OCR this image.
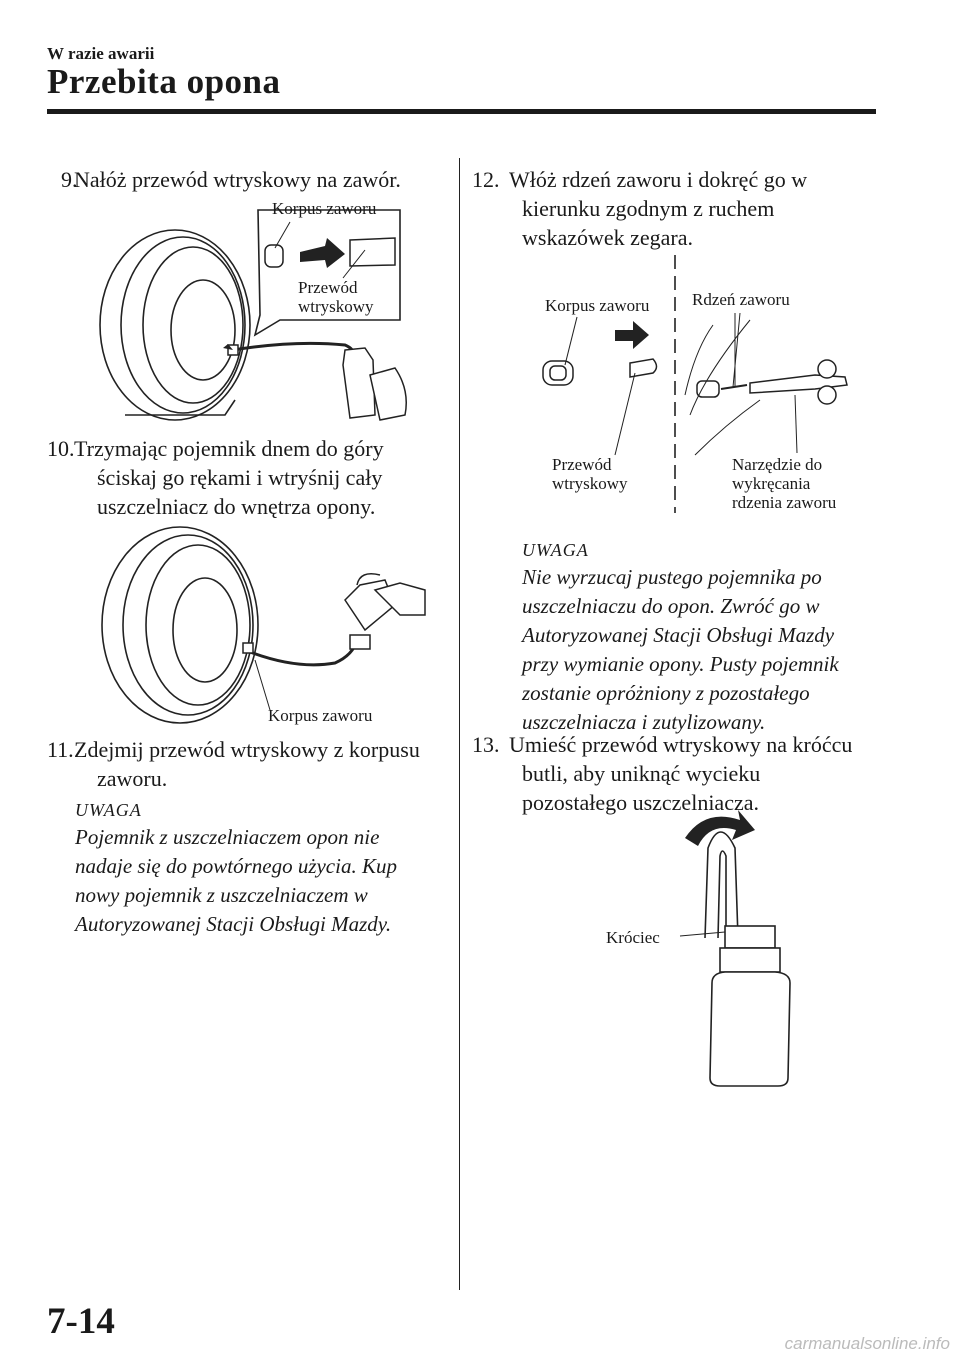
W razie awarii
Przebita opona
9.
Nałóż przewód wtryskowy na zawór.
Korpus zaworu
Przewód
wtryskowy
10. Trzymając pojemnik dnem do góry
ściskaj go rękami i wtryśnij cały
uszczelniacz do wnętrza opony.
Korpus zaworu
11. Zdejmij przewód wtryskowy z korpusu
zaworu.
UWAGA
Pojemnik z uszczelniaczem opon nie
nadaje się do powtórnego użycia. Kup
nowy pojemnik z uszczelniaczem w
Autoryzowanej Stacji Obsługi Mazdy.
12. Włóż rdzeń zaworu i dokręć go w
kierunku zgodnym z ruchem
wskazówek zegara.
Korpus zaworu	Rdzeń zaworu
Przewód
wtryskowy
Narzędzie do
wykręcania
rdzenia zaworu
UWAGA
Nie wyrzucaj pustego pojemnika po
uszczelniaczu do opon. Zwróć go w
Autoryzowanej Stacji Obsługi Mazdy
przy wymianie opony. Pusty pojemnik
zostanie opróżniony z pozostałego
uszczelniacza i zutylizowany.
13. Umieść przewód wtryskowy na króćcu
butli, aby uniknąć wycieku
pozostałego uszczelniacza.
Króciec
7-14
carmanualsonline.info
